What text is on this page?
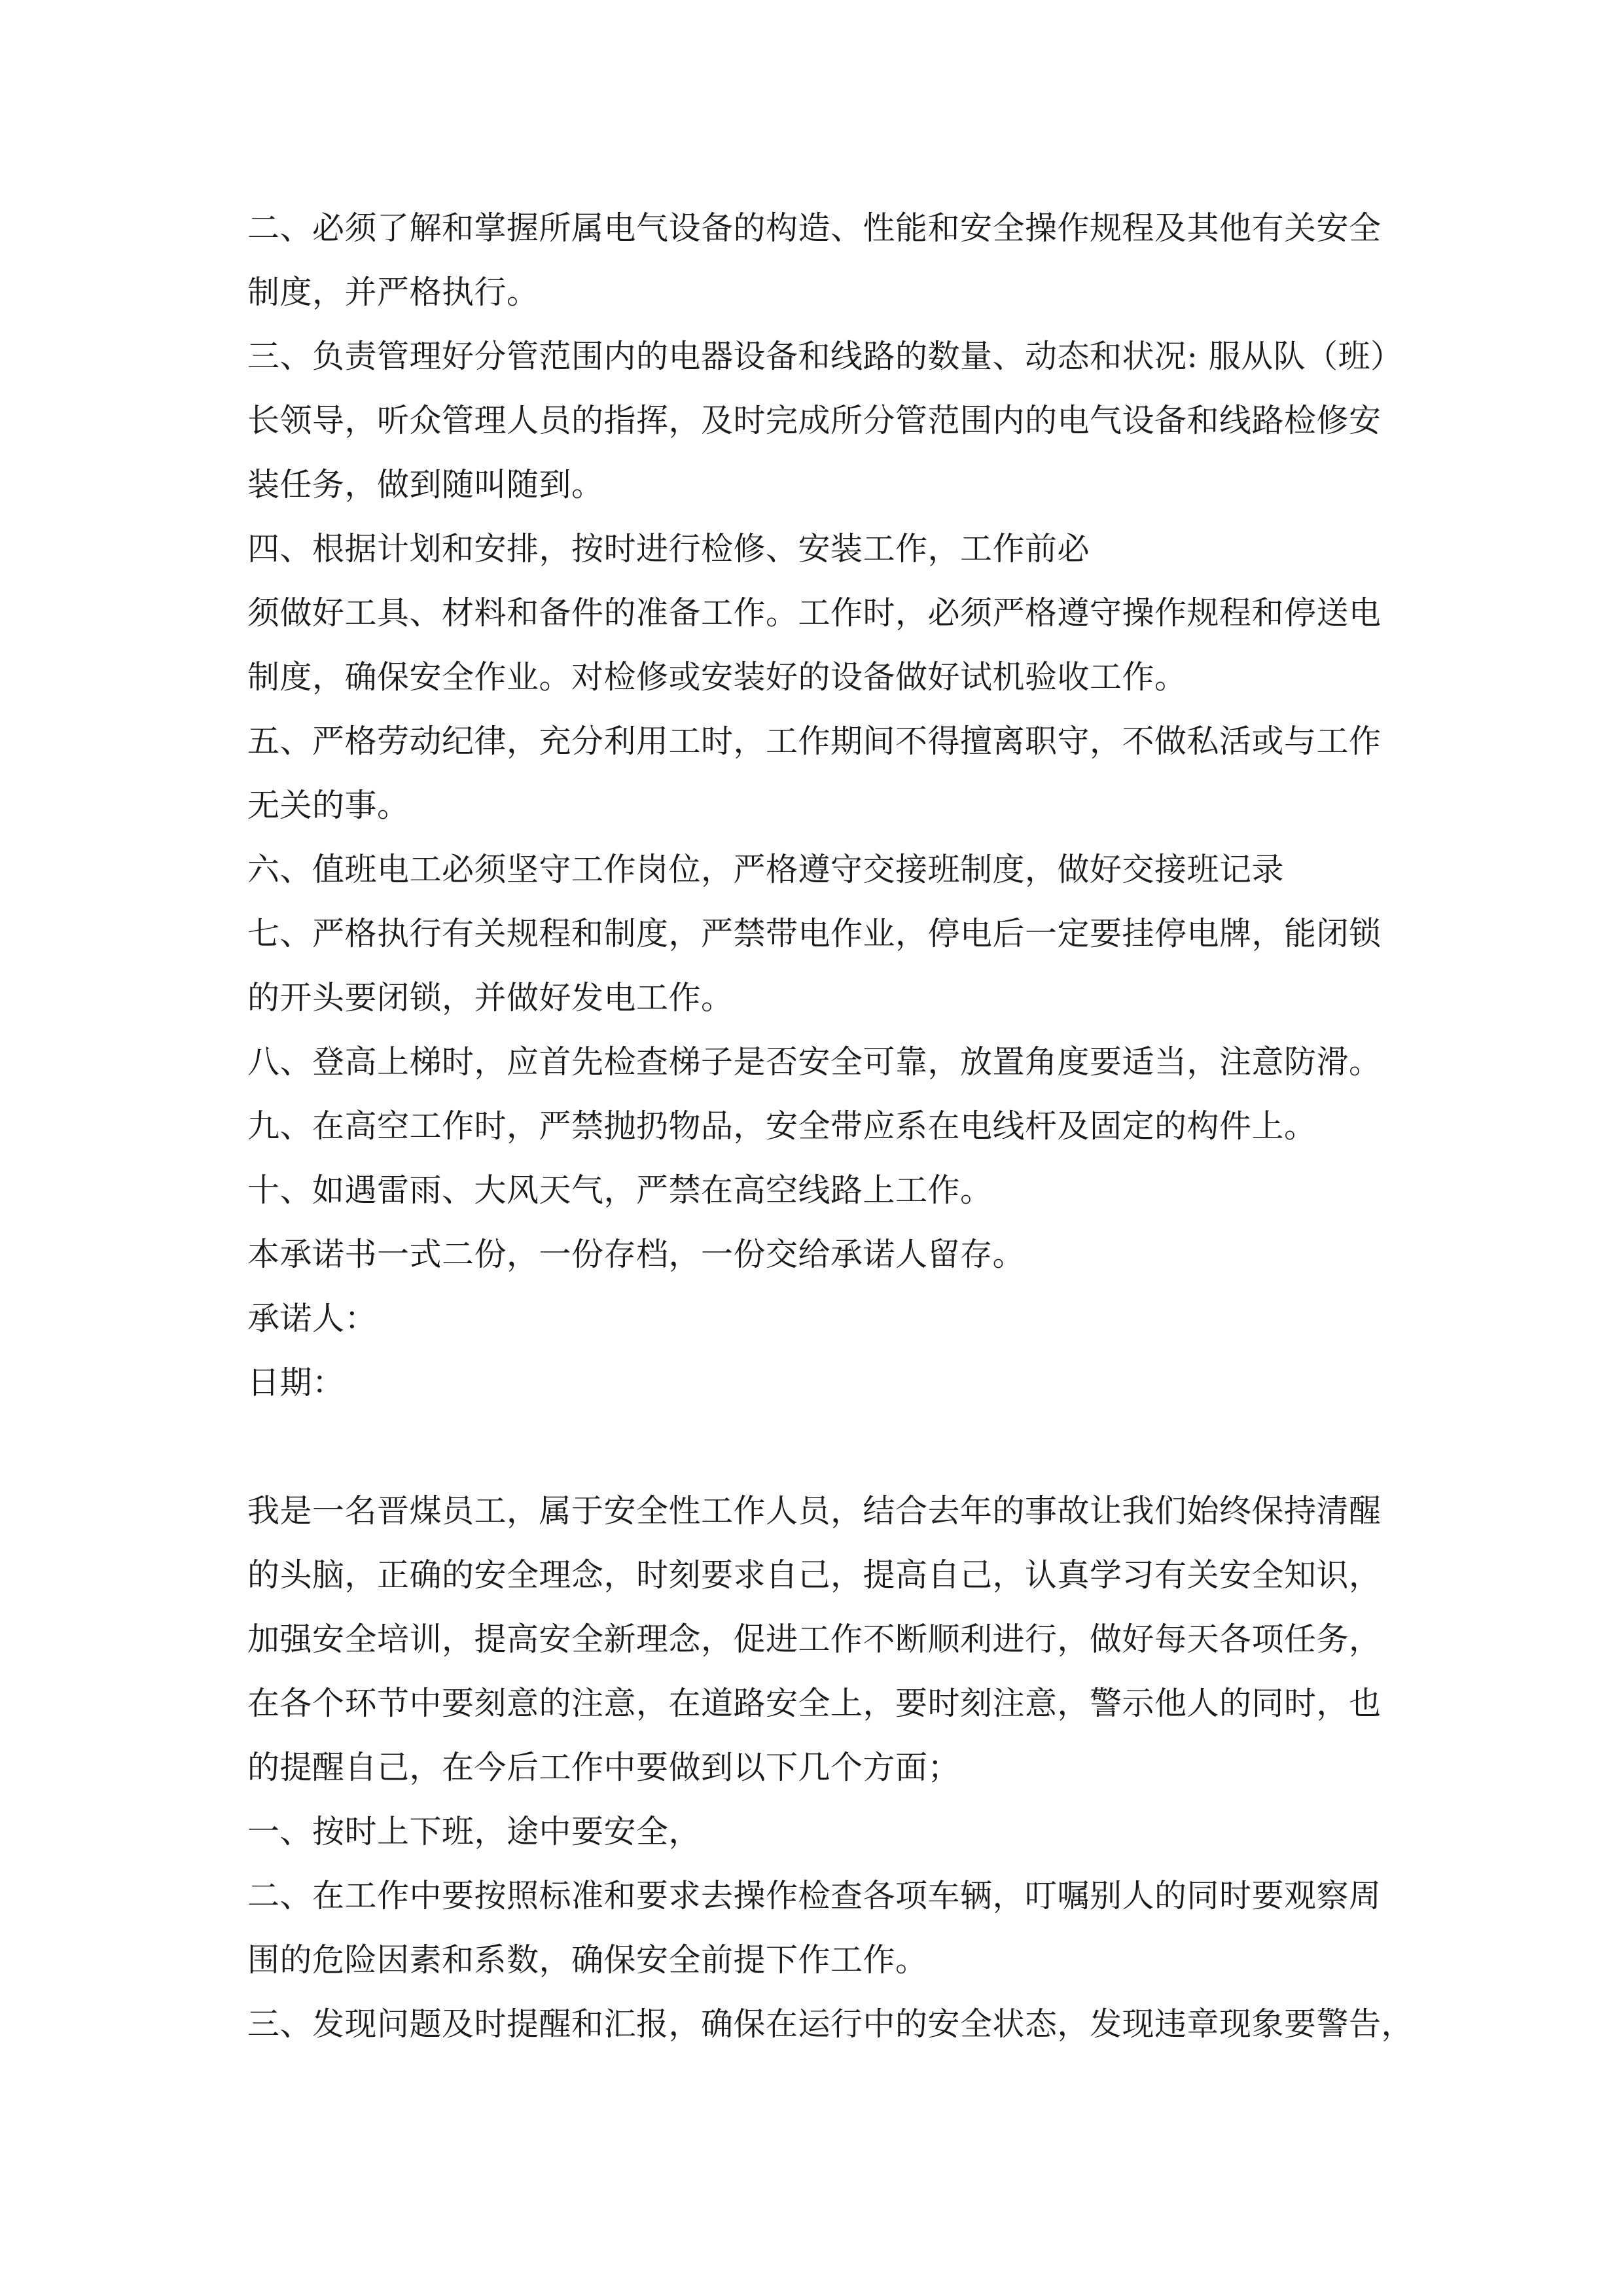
二、必须了解和掌握所属电气设备的构造、性能和安全操作规程及其他有关安全
制度，并严格执行。
三、负责管理好分管范围内的电器设备和线路的数量、动态和状况: 服从队（班）
长领导，听众管理人员的指挥，及时完成所分管范围内的电气设备和线路检修安
装任务，做到随叫随到。
四、根据计划和安排，按时进行检修、安装工作，工作前必
须做好工具、材料和备件的准备工作。工作时，必须严格遵守操作规程和停送电
制度，确保安全作业。对检修或安装好的设备做好试机验收工作。
五、严格劳动纪律，充分利用工时，工作期间不得擅离职守，不做私活或与工作
无关的事。
六、值班电工必须坚守工作岗位，严格遵守交接班制度，做好交接班记录
七、严格执行有关规程和制度，严禁带电作业，停电后一定要挂停电牌，能闭锁
的开头要闭锁，并做好发电工作。
八、登高上梯时，应首先检查梯子是否安全可靠，放置角度要适当，注意防滑。
九、在高空工作时，严禁抛扔物品，安全带应系在电线杆及固定的构件上。
十、如遇雷雨、大风天气，严禁在高空线路上工作。
本承诺书一式二份，一份存档，一份交给承诺人留存。
承诺人：
日期：
我是一名晋煤员工，属于安全性工作人员，结合去年的事故让我们始终保持清醒
的头脑，正确的安全理念，时刻要求自己，提高自己，认真学习有关安全知识，
加强安全培训，提高安全新理念，促进工作不断顺利进行，做好每天各项任务，
在各个环节中要刻意的注意，在道路安全上，要时刻注意，警示他人的同时，也
的提醒自己，在今后工作中要做到以下几个方面；
一、按时上下班，途中要安全，
二、在工作中要按照标准和要求去操作检查各项车辆，叮嘱别人的同时要观察周
围的危险因素和系数，确保安全前提下作工作。
三、发现问题及时提醒和汇报，确保在运行中的安全状态，发现违章现象要警告，
